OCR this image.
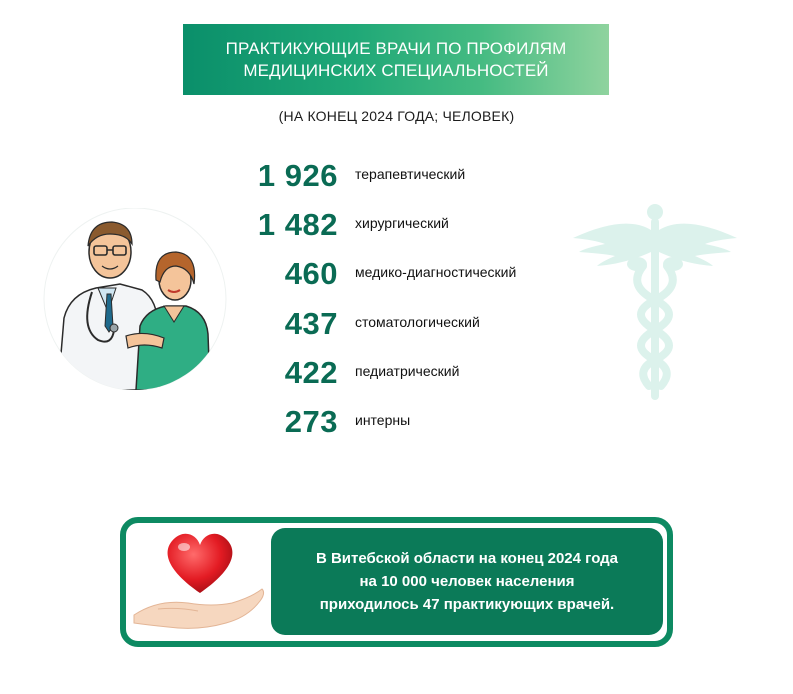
ПРАКТИКУЮЩИЕ ВРАЧИ ПО ПРОФИЛЯМ
МЕДИЦИНСКИХ СПЕЦИАЛЬНОСТЕЙ
(НА КОНЕЦ 2024 ГОДА; ЧЕЛОВЕК)
1 926 терапевтический
1 482 хирургический
460 медико-диагностический
437 стоматологический
422 педиатрический
273 интерны
В Витебской области на конец 2024 года
на 10 000 человек населения
приходилось 47 практикующих врачей.
